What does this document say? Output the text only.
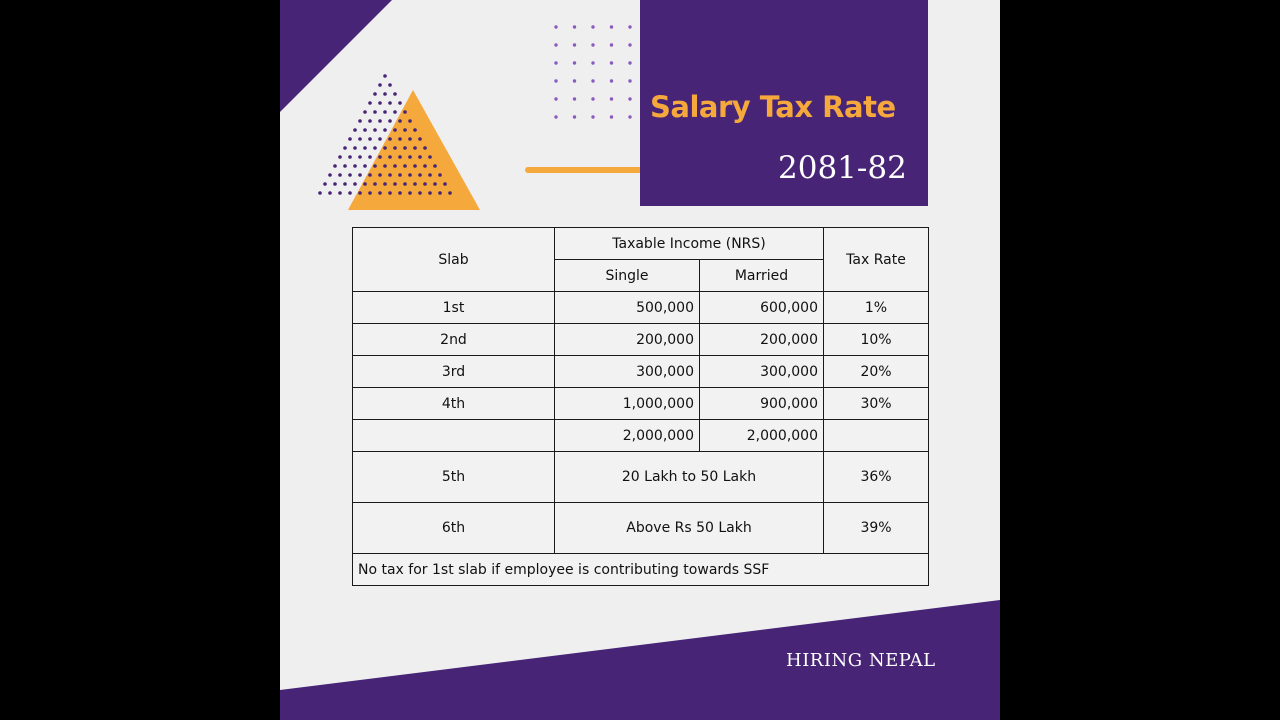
Salary Tax Rate
2081-82
Slab	Taxable Income (NRS)		Tax Rate
	Single	Married	
1st	500,000	600,000	1%
2nd	200,000	200,000	10%
3rd	300,000	300,000	20%
4th	1,000,000	900,000	30%
	2,000,000	2,000,000	
5th	20 Lakh to 50 Lakh		36%
6th	Above Rs 50 Lakh		39%
No tax for 1st slab if employee is contributing towards SSF			
HIRING NEPAL
